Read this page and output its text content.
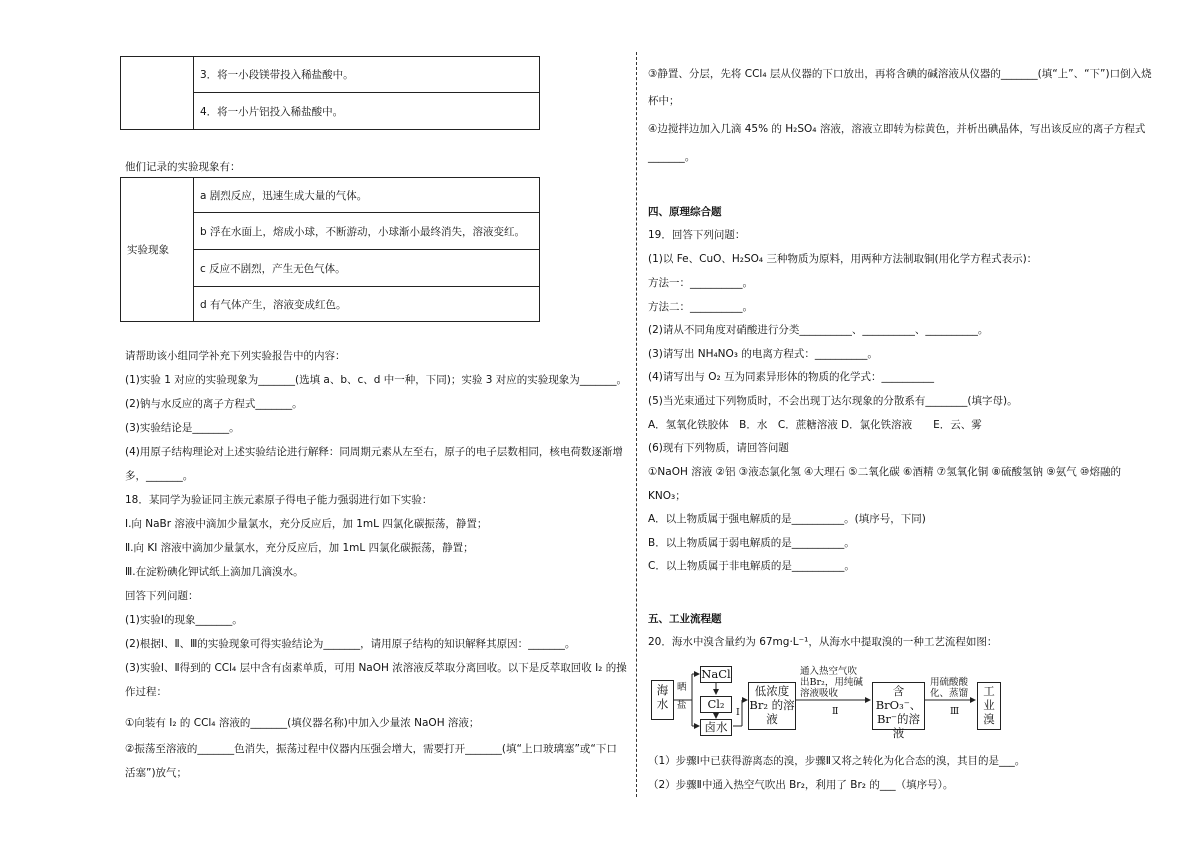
	3．将一小段镁带投入稀盐酸中。
4．将一小片铝投入稀盐酸中。
他们记录的实验现象有：
实验现象	a 剧烈反应，迅速生成大量的气体。
b 浮在水面上，熔成小球，不断游动，小球渐小最终消失，溶液变红。
c 反应不剧烈，产生无色气体。
d 有气体产生，溶液变成红色。
请帮助该小组同学补充下列实验报告中的内容：
(1)实验 1 对应的实验现象为_______(选填 a、b、c、d 中一种，下同)；实验 3 对应的实验现象为_______。
(2)钠与水反应的离子方程式_______。
(3)实验结论是_______。
(4)用原子结构理论对上述实验结论进行解释：同周期元素从左至右，原子的电子层数相同，核电荷数逐渐增
多，_______。
18．某同学为验证同主族元素原子得电子能力强弱进行如下实验：
Ⅰ.向 NaBr 溶液中滴加少量氯水，充分反应后，加 1mL 四氯化碳振荡，静置；
Ⅱ.向 KI 溶液中滴加少量氯水，充分反应后，加 1mL 四氯化碳振荡，静置；
Ⅲ.在淀粉碘化钾试纸上滴加几滴溴水。
回答下列问题：
(1)实验Ⅰ的现象_______。
(2)根据Ⅰ、Ⅱ、Ⅲ的实验现象可得实验结论为_______，请用原子结构的知识解释其原因：_______。
(3)实验Ⅰ、Ⅱ得到的 CCl₄ 层中含有卤素单质，可用 NaOH 浓溶液反萃取分离回收。以下是反萃取回收 I₂ 的操
作过程：
①向装有 I₂ 的 CCl₄ 溶液的_______(填仪器名称)中加入少量浓 NaOH 溶液；
②振荡至溶液的_______色消失，振荡过程中仪器内压强会增大，需要打开_______(填“上口玻璃塞”或“下口
活塞”)放气；
③静置、分层，先将 CCl₄ 层从仪器的下口放出，再将含碘的碱溶液从仪器的_______(填“上”、“下”)口倒入烧
杯中；
④边搅拌边加入几滴 45% 的 H₂SO₄ 溶液，溶液立即转为棕黄色，并析出碘晶体，写出该反应的离子方程式
_______。
四、原理综合题
19．回答下列问题：
(1)以 Fe、CuO、H₂SO₄ 三种物质为原料，用两种方法制取铜(用化学方程式表示)：
方法一：__________。
方法二：__________。
(2)请从不同角度对硝酸进行分类__________、__________、__________。
(3)请写出 NH₄NO₃ 的电离方程式：__________。
(4)请写出与 O₂ 互为同素异形体的物质的化学式：__________
(5)当光束通过下列物质时，不会出现丁达尔现象的分散系有________(填字母)。
A．氢氧化铁胶体　B．水　C．蔗糖溶液 D．氯化铁溶液　　E．云、雾
(6)现有下列物质，请回答问题
①NaOH 溶液 ②铝 ③液态氯化氢 ④大理石 ⑤二氧化碳 ⑥酒精 ⑦氢氧化铜 ⑧硫酸氢钠 ⑨氨气 ⑩熔融的
KNO₃；
A．以上物质属于强电解质的是__________。(填序号，下同)
B．以上物质属于弱电解质的是__________。
C．以上物质属于非电解质的是__________。
五、工业流程题
20．海水中溴含量约为 67mg·L⁻¹，从海水中提取溴的一种工艺流程如图：
（1）步骤Ⅰ中已获得游离态的溴，步骤Ⅱ又将之转化为化合态的溴，其目的是___。
（2）步骤Ⅱ中通入热空气吹出 Br₂，利用了 Br₂ 的___（填序号）。
海水
晒
盐
NaCl
Cl₂
卤水
Ⅰ
低浓度 Br₂ 的溶液
通入热空气吹
出Br₂，用纯碱
溶液吸收
Ⅱ
含BrO₃⁻、Br⁻的溶液
用硫酸酸
化、蒸馏
Ⅲ
工业溴
